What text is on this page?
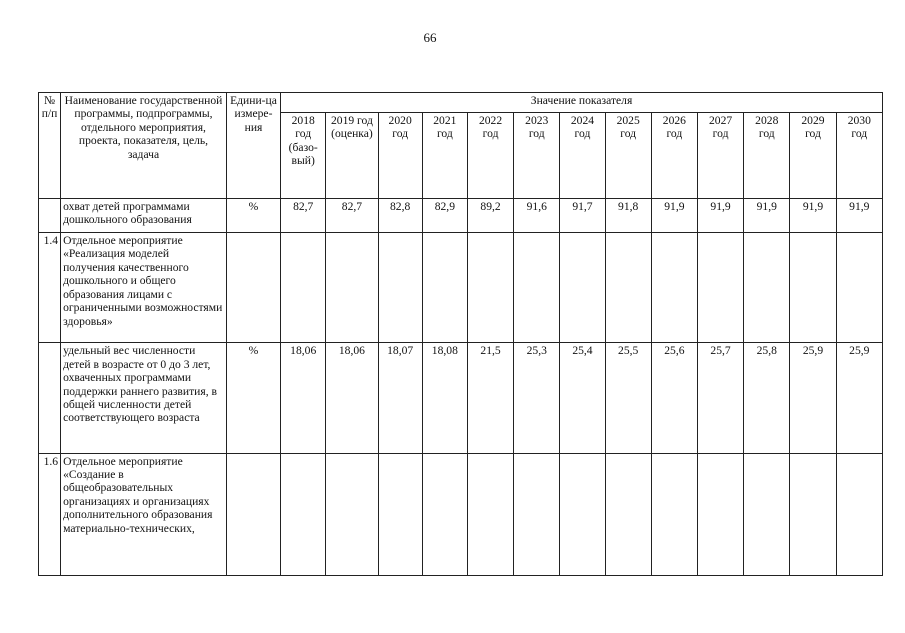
66
№ п/п	Наименование государственной программы, подпрограммы, отдельного мероприятия, проекта, показателя, цель, задача	Едини-ца измере-ния	Значение показателя												
			2018 год (базо-вый)	2019 год (оценка)	2020 год	2021 год	2022 год	2023 год	2024 год	2025 год	2026 год	2027 год	2028 год	2029 год	2030 год
	охват детей программами дошкольного образования	%	82,7	82,7	82,8	82,9	89,2	91,6	91,7	91,8	91,9	91,9	91,9	91,9	91,9
1.4	Отдельное мероприятие «Реализация моделей получения качественного дошкольного и общего образования лицами с ограниченными возможностями здоровья»														
	удельный вес численности детей в возрасте от 0 до 3 лет, охваченных программами поддержки раннего развития, в общей численности детей соответствующего возраста	%	18,06	18,06	18,07	18,08	21,5	25,3	25,4	25,5	25,6	25,7	25,8	25,9	25,9
1.6	Отдельное мероприятие «Создание в общеобразовательных организациях и организациях дополнительного образования материально-технических,														
